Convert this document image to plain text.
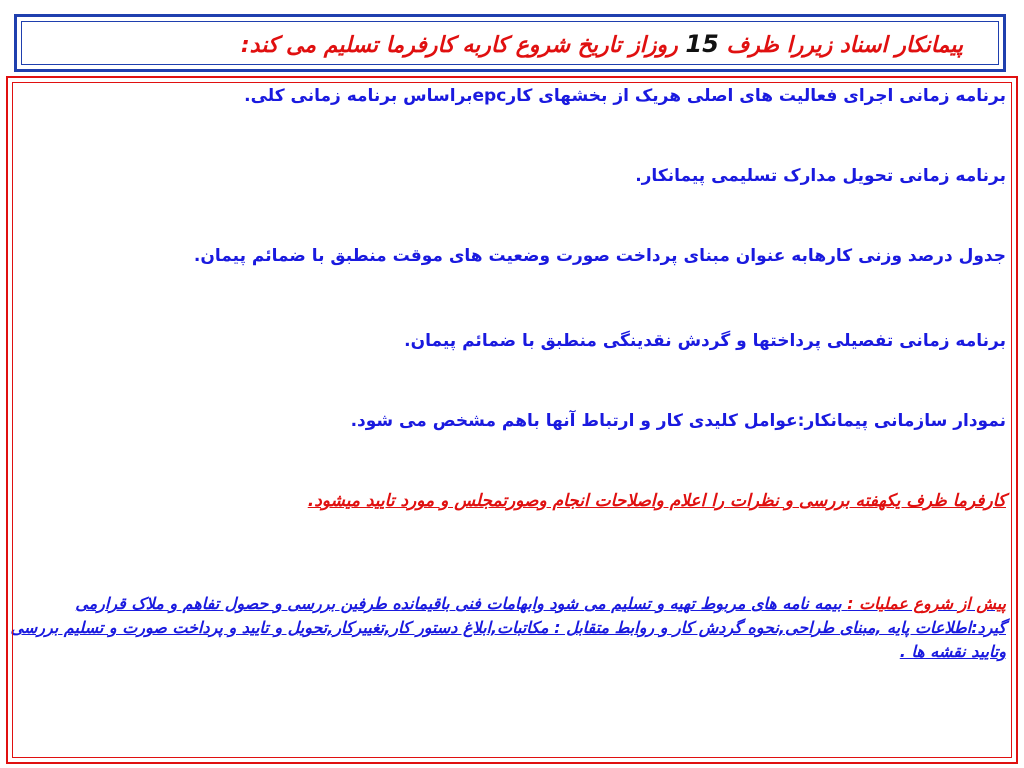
پیمانکار اسناد زیررا ظرف 15 روزاز تاریخ شروع کاربه کارفرما تسلیم می کند:

برنامه زمانی اجرای فعالیت های اصلی هریک از بخشهای کارepcبراساس برنامه زمانی کلی.

برنامه زمانی تحویل مدارک تسلیمی پیمانکار.

جدول درصد وزنی کارهابه عنوان مبنای پرداخت صورت وضعیت های موقت منطبق با ضمائم پیمان.

برنامه زمانی تفصیلی پرداختها و گردش نقدینگی منطبق با ضمائم پیمان.

نمودار سازمانی پیمانکار:عوامل کلیدی کار و ارتباط آنها باهم مشخص می شود.

کارفرما ظرف یکهفته بررسی و نظرات را اعلام واصلاحات انجام وصورتمجلس و مورد تایید میشود.

پیش از شروع عملیات : بیمه نامه های مربوط تهیه و تسلیم می شود وابهامات فنی باقیمانده طرفین بررسی و حصول تفاهم و ملاک قرارمی گیرد:اطلاعات پایه ,مبنای طراحی,نحوه گردش کار و روابط متقابل : مکاتبات,ابلاغ دستور کار,تغییرکار,تحویل و تایید و پرداخت صورت و تسلیم بررسی وتایید نقشه ها .
